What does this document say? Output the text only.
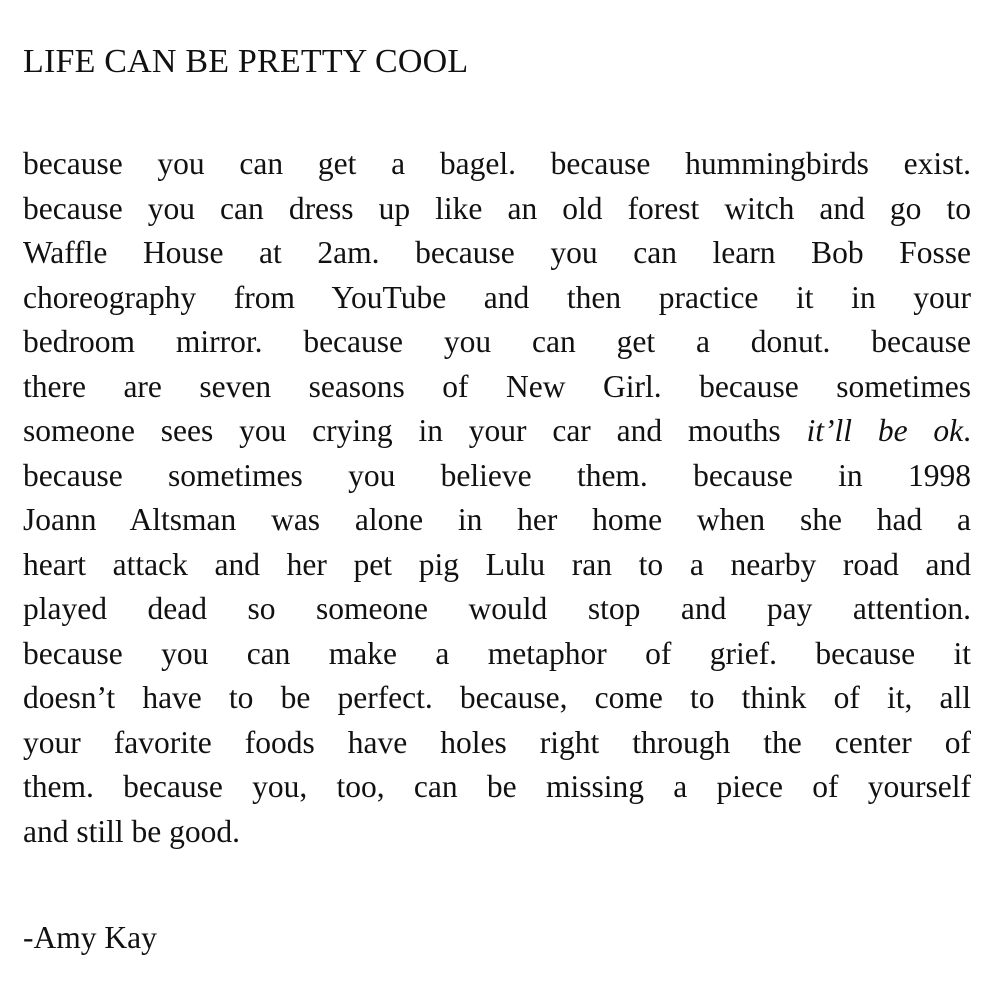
LIFE CAN BE PRETTY COOL
because you can get a bagel. because hummingbirds exist.
because you can dress up like an old forest witch and go to
Waffle House at 2am. because you can learn Bob Fosse
choreography from YouTube and then practice it in your
bedroom mirror. because you can get a donut. because
there are seven seasons of New Girl. because sometimes
someone sees you crying in your car and mouths it’ll be ok.
because sometimes you believe them. because in 1998
Joann Altsman was alone in her home when she had a
heart attack and her pet pig Lulu ran to a nearby road and
played dead so someone would stop and pay attention.
because you can make a metaphor of grief. because it
doesn’t have to be perfect. because, come to think of it, all
your favorite foods have holes right through the center of
them. because you, too, can be missing a piece of yourself
and still be good.
-Amy Kay
